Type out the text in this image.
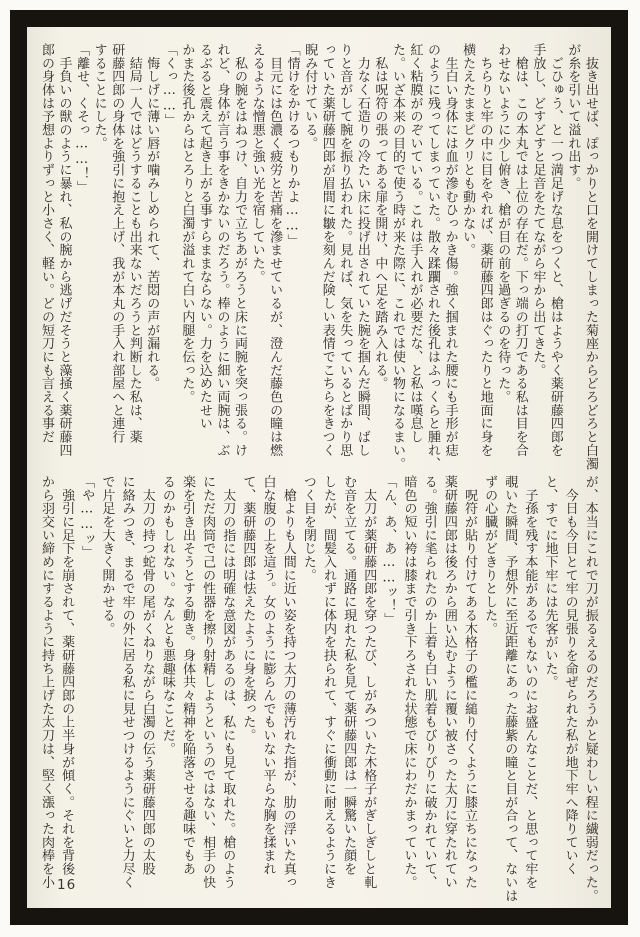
　抜き出せば、ぽっかりと口を開けてしまった菊座からどろどろと白濁
が糸を引いて溢れ出す。
　ごひゅう、と一つ満足げな息をつくと、槍はようやく薬研藤四郎を
手放し、どすどすと足音をたてながら牢から出てきた。
　槍は、この本丸では上位の存在だ。下っ端の打刀である私は目を合
わせないように少し俯き、槍が目の前を過ぎるのを待った。
　ちらりと牢の中に目をやれば、薬研藤四郎はぐったりと地面に身を
横たえたままピクリとも動かない。
　生白い身体には血が滲むひっかき傷。強く掴まれた腰にも手形が痣
のように残ってしまっていた。散々蹂躙された後孔はふっくらと腫れ、
紅く粘膜がのぞいている。これは手入れが必要だな、と私は嘆息し
た。いざ本来の目的で使う時が来た際に、これでは使い物になるまい。
　私は呪符の張ってある扉を開け、中へ足を踏み入れる。
　力なく石造りの冷たい床に投げ出されていた腕を掴んだ瞬間、ばし
りと音がして腕を振り払われた。見れば、気を失っているとばかり思
っていた薬研藤四郎が眉間に皺を刻んだ険しい表情でこちらをきつく
睨み付けている。
「情けをかけるつもりかよ……」
　目元には色濃く疲労と苦痛を滲ませているが、澄んだ藤色の瞳は燃
えるような憎悪と強い光を宿していた。
　私の腕をはねつけ、自力で立ちあがろうと床に両腕を突っ張る。け
れど、身体が言う事をきかないのだろう。棒のように細い両腕は、ぶ
るぶると震えて起き上がる事すらままならない。力を込めたせい
かまた後孔からはとろりと白濁が溢れて白い内腿を伝った。
「くっ……」
　悔しげに薄い唇が噛みしめられて、苦悶の声が漏れる。
　結局一人ではどうすることも出来ないだろうと判断した私は、薬
研藤四郎の身体を強引に抱え上げ、我が本丸の手入れ部屋へと連行
することにした。
「離せ、くそっ……！」
　手負いの獣のように暴れ、私の腕から逃げだそうと藻掻く薬研藤四
郎の身体は予想よりずっと小さく、軽い。どの短刀にも言える事だ
が、本当にこれで刀が振るえるのだろうかと疑わしい程に繊弱だった。
　今日も今日とて牢の見張りを命ぜられた私が地下牢へ降りていく
と、すでに地下牢には先客がいた。
　子孫を残す本能があるでもないのにお盛んなことだ、と思って牢を
覗いた瞬間、予想外に至近距離にあった藤紫の瞳と目が合って、ないは
ずの心臓がどきりとした。
　呪符が貼り付けてある木格子の檻に縋り付くように膝立ちになった
薬研藤四郎は後ろから囲い込むように覆い被さった太刀に穿たれてい
る。強引に毟られたのか上着も白い肌着もびりびりに破かれていて、
暗色の短い袴は膝まで引き下ろされた状態で床にわだかまっていた。
「ん、あ、あ……ッ！」
　太刀が薬研藤四郎を穿つたび、しがみついた木格子がぎしぎしと軋
む音を立てる。通路に現れた私を見て薬研藤四郎は一瞬驚いた顔を
したが、間髪入れずに体内を抉られて、すぐに衝動に耐えるようにき
つく目を閉じた。
　槍よりも人間に近い姿を持つ太刀の薄汚れた指が、肋の浮いた真っ
白な腹の上を這う。女のように膨らんでもいない平らな胸を揉まれ
て、薬研藤四郎は怯えたように身を捩った。
　太刀の指には明確な意図があるのは、私にも見て取れた。槍のよう
にただ肉筒で己の性器を擦り射精しようというのではない、相手の快
楽を引き出そうとする動き。身体共々精神を陥落させる趣味でもあ
るのかもしれない。なんとも悪趣味なことだ。
　太刀の持つ蛇骨の尾がくねりながら白濁の伝う薬研藤四郎の太股
に絡みつき、まるで牢の外に居る私に見せつけるようにぐいと力尽く
で片足を大きく開かせる。
「や……ッ」
　強引に足下を崩されて、薬研藤四郎の上半身が傾く。それを背後
から羽交い締めにするように持ち上げた太刀は、堅く漲った肉棒を小 16
